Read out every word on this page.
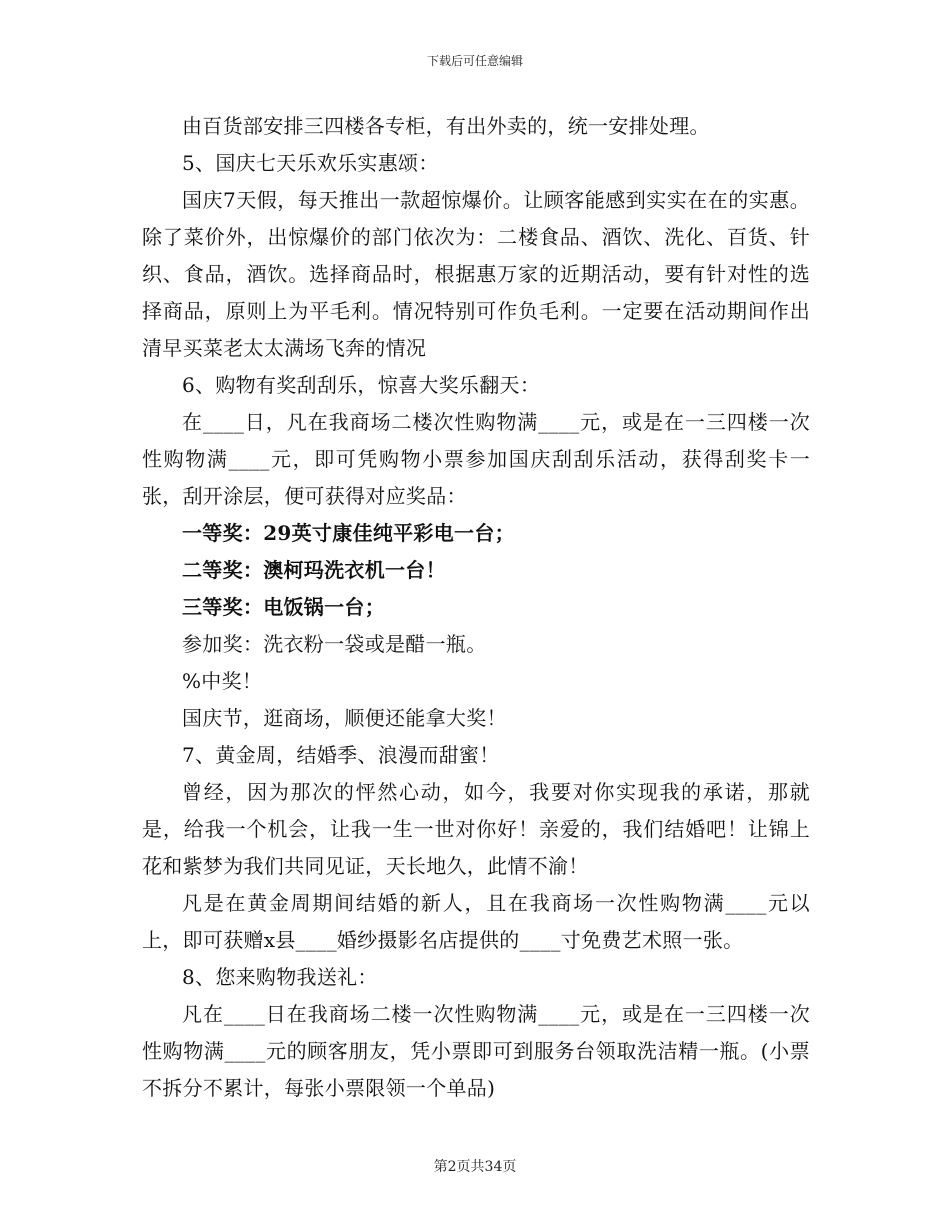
下载后可任意编辑

由百货部安排三四楼各专柜，有出外卖的，统一安排处理。

5、国庆七天乐欢乐实惠颂：

国庆7天假，每天推出一款超惊爆价。让顾客能感到实实在在的实惠。除了菜价外，出惊爆价的部门依次为：二楼食品、酒饮、洗化、百货、针织、食品，酒饮。选择商品时，根据惠万家的近期活动，要有针对性的选择商品，原则上为平毛利。情况特别可作负毛利。一定要在活动期间作出清早买菜老太太满场飞奔的情况

6、购物有奖刮刮乐，惊喜大奖乐翻天：

在____日，凡在我商场二楼次性购物满____元，或是在一三四楼一次性购物满____元，即可凭购物小票参加国庆刮刮乐活动，获得刮奖卡一张，刮开涂层，便可获得对应奖品：

一等奖：29英寸康佳纯平彩电一台；

二等奖：澳柯玛洗衣机一台！

三等奖：电饭锅一台；

参加奖：洗衣粉一袋或是醋一瓶。

%中奖！

国庆节，逛商场，顺便还能拿大奖！

7、黄金周，结婚季、浪漫而甜蜜！

曾经，因为那次的怦然心动，如今，我要对你实现我的承诺，那就是，给我一个机会，让我一生一世对你好！亲爱的，我们结婚吧！让锦上花和紫梦为我们共同见证，天长地久，此情不渝！

凡是在黄金周期间结婚的新人，且在我商场一次性购物满____元以上，即可获赠x县____婚纱摄影名店提供的____寸免费艺术照一张。

8、您来购物我送礼：

凡在____日在我商场二楼一次性购物满____元，或是在一三四楼一次性购物满____元的顾客朋友，凭小票即可到服务台领取洗洁精一瓶。(小票不拆分不累计，每张小票限领一个单品)

第2页共34页
